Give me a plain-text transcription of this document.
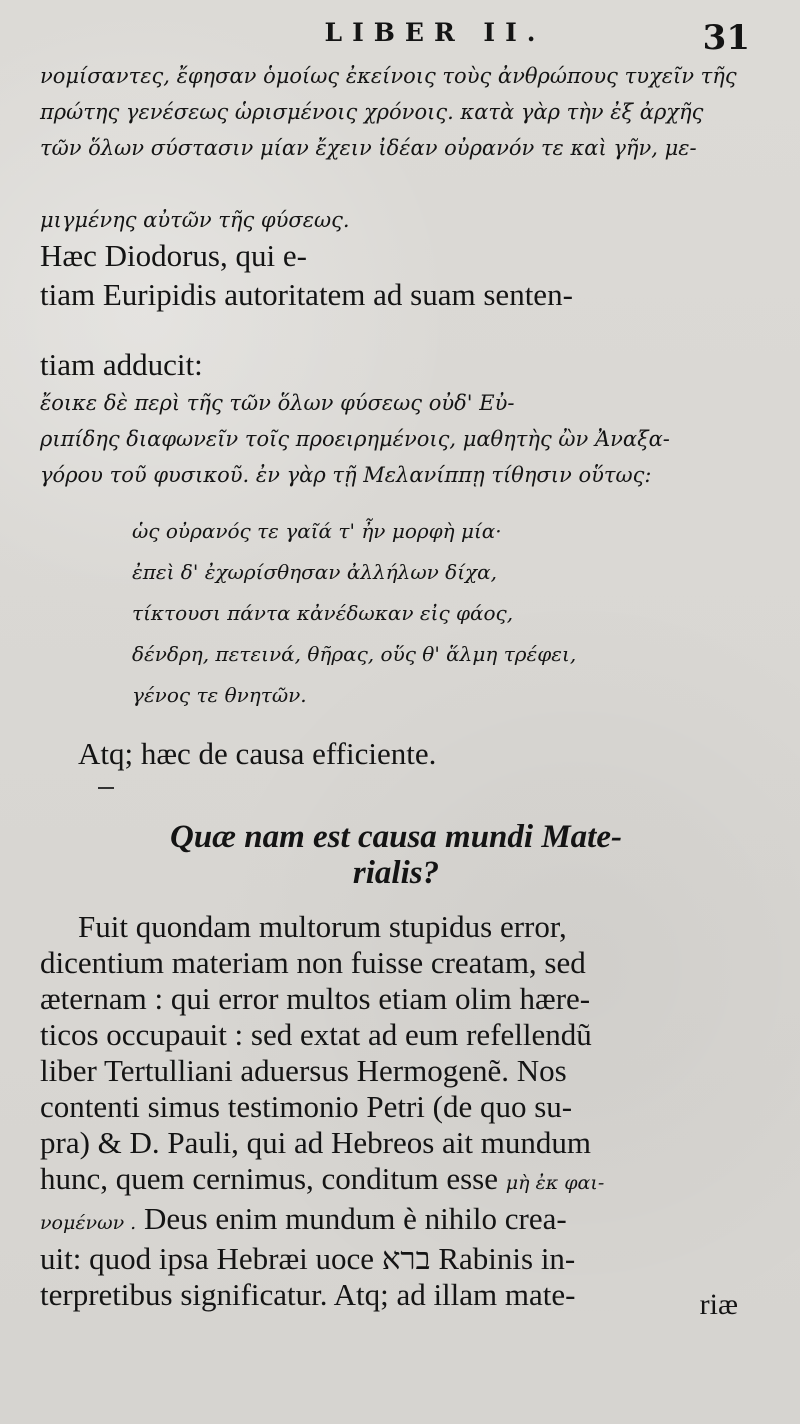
LIBER II.	31

νομίσαντες, ἔφησαν ὁμοίως ἐκείνοις τοὺς ἀνθρώπους τυχεῖν τῆς

πρώτης γενέσεως ὡρισμένοις χρόνοις. κατὰ γὰρ τὴν ἐξ ἀρχῆς

τῶν ὅλων σύστασιν μίαν ἔχειν ἰδέαν οὐρανόν τε καὶ γῆν, με-

μιγμένης αὐτῶν τῆς φύσεως.
Hæc Diodorus, qui e-

tiam Euripidis autoritatem ad suam senten-

tiam adducit:
ἔοικε δὲ περὶ τῆς τῶν ὅλων φύσεως οὐδ' Εὐ-

ριπίδης διαφωνεῖν τοῖς προειρημένοις, μαθητὴς ὢν Ἀναξα-

γόρου τοῦ φυσικοῦ. ἐν γὰρ τῇ Μελανίππῃ τίθησιν οὕτως:

ὡς οὐρανός τε γαῖά τ' ἦν μορφὴ μία·
ἐπεὶ δ' ἐχωρίσθησαν ἀλλήλων δίχα,
τίκτουσι πάντα κἀνέδωκαν εἰς φάος,
δένδρη, πετεινά, θῆρας, οὕς θ' ἅλμη τρέφει,
γένος τε θνητῶν.

Atq; hæc de causa efficiente.

Quæ nam est causa mundi Mate-
rialis?
Fuit quondam multorum stupidus error,
dicentium materiam non fuisse creatam, sed
æternam : qui error multos etiam olim hære-
ticos occupauit : sed extat ad eum refellendũ
liber Tertulliani aduersus Hermogenẽ. Nos
contenti simus testimonio Petri (de quo su-
pra) & D. Pauli, qui ad Hebreos ait mundum
hunc, quem cernimus, conditum esse μὴ ἐκ φαι-
νομένων . Deus enim mundum è nihilo crea-
uit: quod ipsa Hebræi uoce ברא Rabinis in-
terpretibus significatur. Atq; ad illam mate-	riæ
